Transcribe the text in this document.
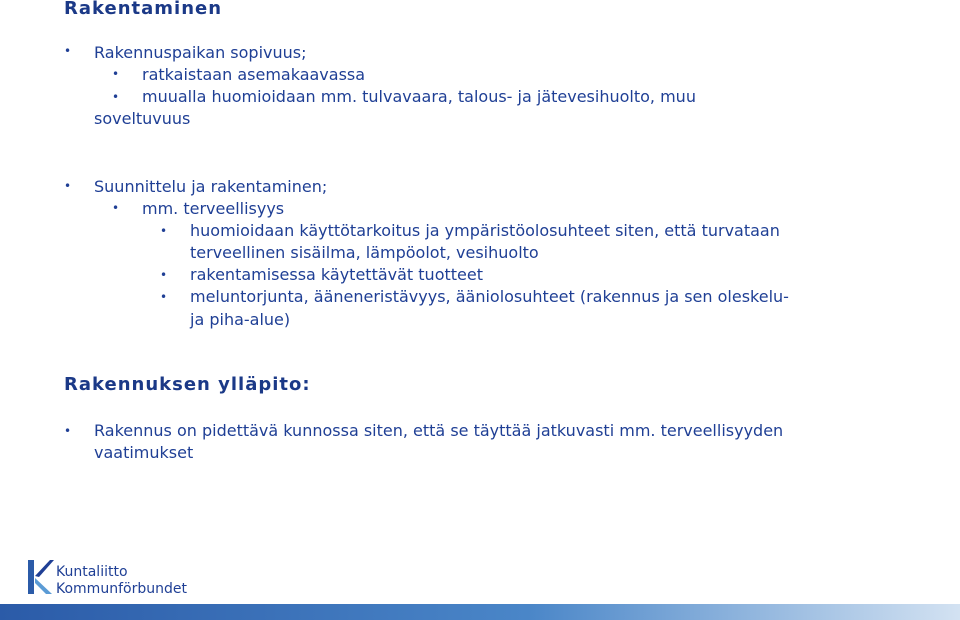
Rakentaminen
• Rakennuspaikan sopivuus;
• ratkaistaan asemakaavassa
• muualla huomioidaan mm. tulvavaara, talous- ja jätevesihuolto, muu
soveltuvuus
• Suunnittelu ja rakentaminen;
• mm. terveellisyys
• huomioidaan käyttötarkoitus ja ympäristöolosuhteet siten, että turvataan
terveellinen sisäilma, lämpöolot, vesihuolto
• rakentamisessa käytettävät tuotteet
• meluntorjunta, ääneneristävyys, ääniolosuhteet (rakennus ja sen oleskelu-
ja piha-alue)
Rakennuksen ylläpito:
• Rakennus on pidettävä kunnossa siten, että se täyttää jatkuvasti mm. terveellisyyden
vaatimukset
Kuntaliitto
Kommunförbundet
